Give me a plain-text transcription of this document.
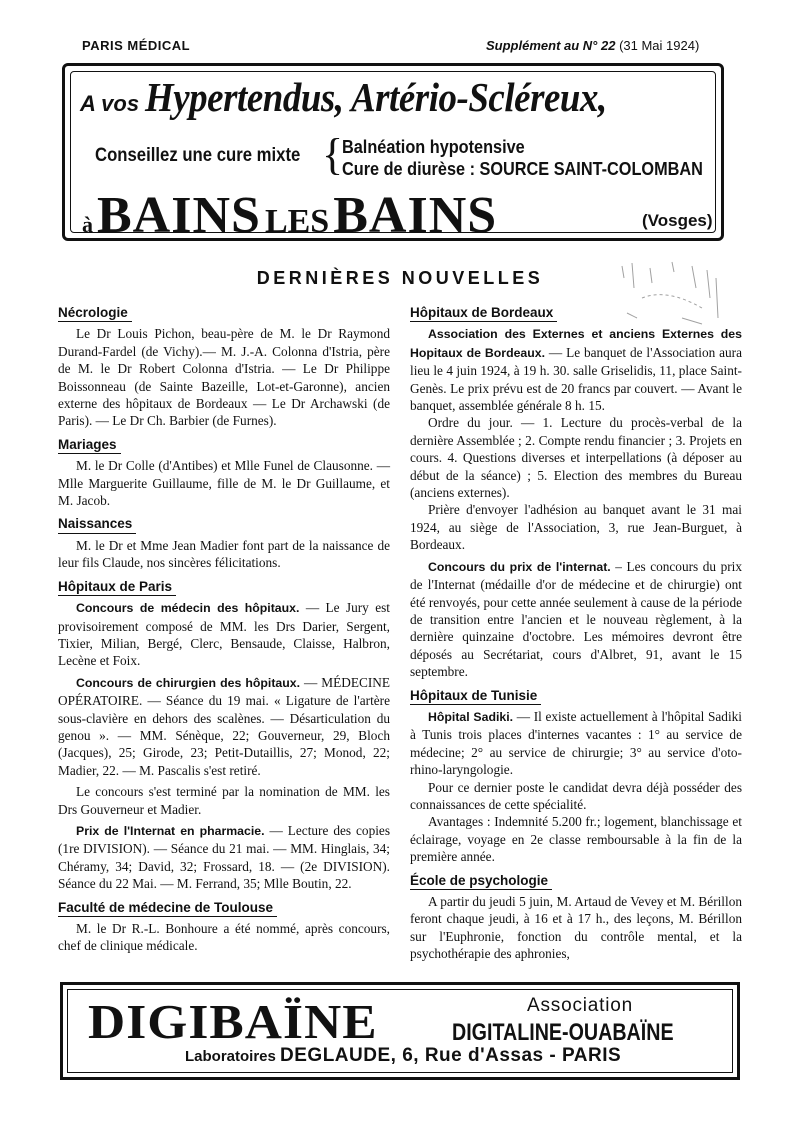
PARIS MÉDICAL	Supplément au N° 22 (31 Mai 1924)
A vos Hypertendus, Artério-Scléreux,
Conseillez une cure mixte {
Balnéation hypotensive
Cure de diurèse : SOURCE SAINT-COLOMBAN
à BAINS LES BAINS	(Vosges)
DERNIÈRES NOUVELLES
Nécrologie

Le Dr Louis Pichon, beau-père de M. le Dr Raymond Durand-Fardel (de Vichy).— M. J.-A. Colonna d'Istria, père de M. le Dr Robert Colonna d'Istria. — Le Dr Philippe Boissonneau (de Sainte Bazeille, Lot-et-Garonne), ancien externe des hôpitaux de Bordeaux — Le Dr Archawski (de Paris). — Le Dr Ch. Barbier (de Furnes).

Mariages

M. le Dr Colle (d'Antibes) et Mlle Funel de Clausonne. — Mlle Marguerite Guillaume, fille de M. le Dr Guillaume, et M. Jacob.

Naissances

M. le Dr et Mme Jean Madier font part de la naissance de leur fils Claude, nos sincères félicitations.

Hôpitaux de Paris

Concours de médecin des hôpitaux. — Le Jury est provisoirement composé de MM. les Drs Darier, Sergent, Tixier, Milian, Bergé, Clerc, Bensaude, Claisse, Halbron, Lecène et Foix.

Concours de chirurgien des hôpitaux. — MÉDECINE OPÉRATOIRE. — Séance du 19 mai. « Ligature de l'artère sous-clavière en dehors des scalènes. — Désarticulation du genou ». — MM. Sénèque, 22; Gouverneur, 29, Bloch (Jacques), 25; Girode, 23; Petit-Dutaillis, 27; Monod, 22; Madier, 22. — M. Pascalis s'est retiré.

Le concours s'est terminé par la nomination de MM. les Drs Gouverneur et Madier.

Prix de l'Internat en pharmacie. — Lecture des copies (1re DIVISION). — Séance du 21 mai. — MM. Hinglais, 34; Chéramy, 34; David, 32; Frossard, 18. — (2e DIVISION). Séance du 22 Mai. — M. Ferrand, 35; Mlle Boutin, 22.

Faculté de médecine de Toulouse

M. le Dr R.-L. Bonhoure a été nommé, après concours, chef de clinique médicale.

Hôpitaux de Bordeaux

Association des Externes et anciens Externes des Hopitaux de Bordeaux. — Le banquet de l'Association aura lieu le 4 juin 1924, à 19 h. 30. salle Griselidis, 11, place Saint-Genès. Le prix prévu est de 20 francs par couvert. — Avant le banquet, assemblée générale 8 h. 15.

Ordre du jour. — 1. Lecture du procès-verbal de la dernière Assemblée ; 2. Compte rendu financier ; 3. Projets en cours. 4. Questions diverses et interpellations (à déposer au début de la séance) ; 5. Election des membres du Bureau (anciens externes).

Prière d'envoyer l'adhésion au banquet avant le 31 mai 1924, au siège de l'Association, 3, rue Jean-Burguet, à Bordeaux.

Concours du prix de l'internat. – Les concours du prix de l'Internat (médaille d'or de médecine et de chirurgie) ont été renvoyés, pour cette année seulement à cause de la période de transition entre l'ancien et le nouveau règlement, à la dernière quinzaine d'octobre. Les mémoires devront être déposés au Secrétariat, cours d'Albret, 91, avant le 15 septembre.

Hôpitaux de Tunisie

Hôpital Sadiki. — Il existe actuellement à l'hôpital Sadiki à Tunis trois places d'internes vacantes : 1° au service de médecine; 2° au service de chirurgie; 3° au service d'oto-rhino-laryngologie.

Pour ce dernier poste le candidat devra déjà posséder des connaissances de cette spécialité.

Avantages : Indemnité 5.200 fr.; logement, blanchissage et éclairage, voyage en 2e classe remboursable à la fin de la première année.

École de psychologie

A partir du jeudi 5 juin, M. Artaud de Vevey et M. Bérillon feront chaque jeudi, à 16 et à 17 h., des leçons, M. Bérillon sur l'Euphronie, fonction du contrôle mental, et la psychothérapie des aphronies,

DIGIBAÏNE	Association
DIGITALINE-OUABAÏNE
Laboratoires DEGLAUDE, 6, Rue d'Assas - PARIS
